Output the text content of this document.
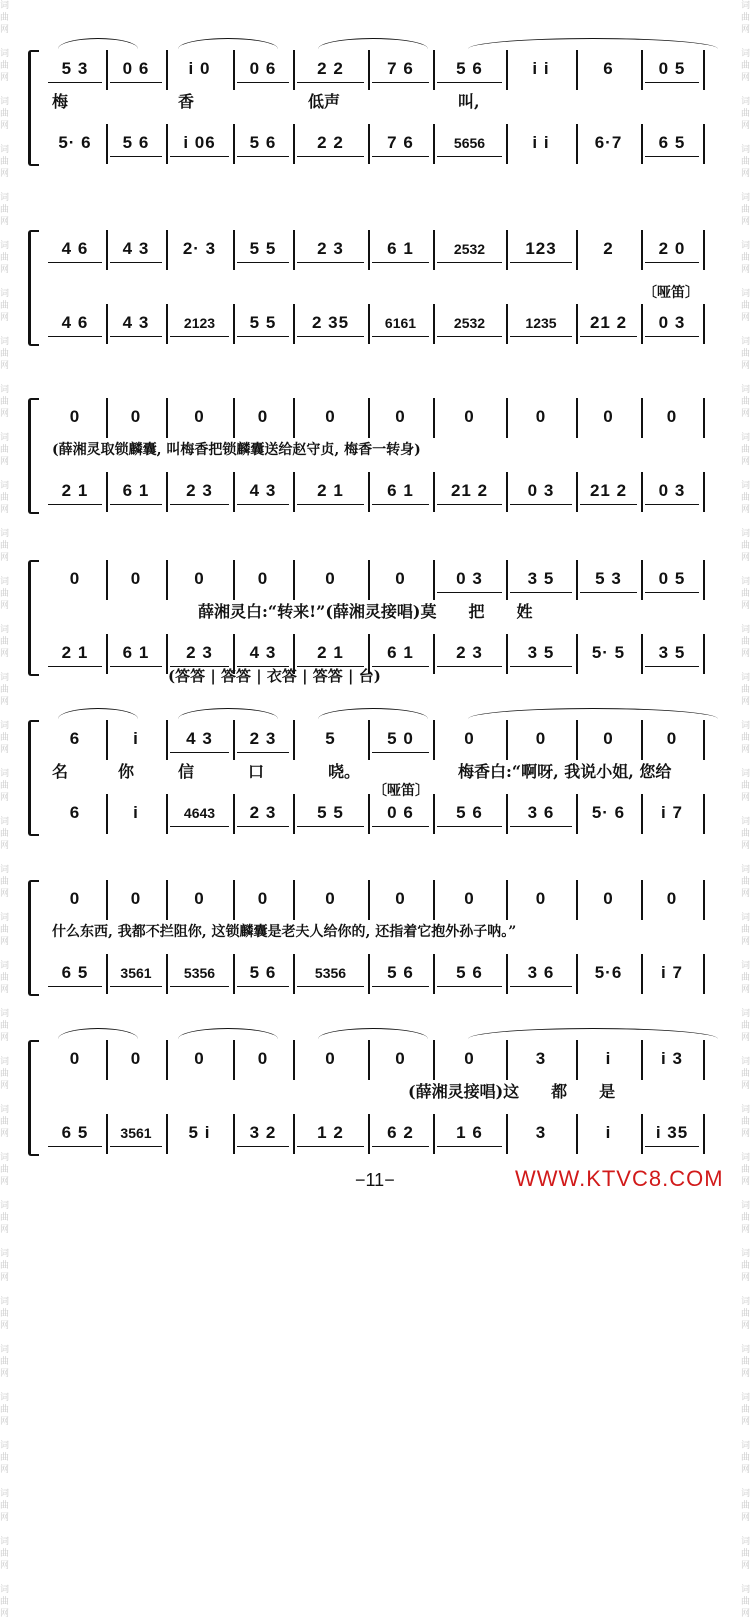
词
曲
网

词
曲
网

词
曲
网

词
曲
网

词
曲
网

词
曲
网

词
曲
网

词
曲
网

词
曲
网

词
曲
网

词
曲
网

词
曲
网

词
曲
网

词
曲
网

词
曲
网

词
曲
网

词
曲
网

词
曲
网

词
曲
网

词
曲
网

词
曲
网

词
曲
网

词
曲
网

词
曲
网

词
曲
网

词
曲
网

词
曲
网

词
曲
网

词
曲
网

词
曲
网

词
曲
网

词
曲
网

词
曲
网

词
曲
网

词
曲
网

词
曲
网

词
曲
网

词
曲
网

词
曲
网

词
曲
网

词
曲
网

词
曲
网

词
曲
网

词
曲
网

词
曲
网

词
曲
网

词
曲
网

词
曲
网

词
曲
网

词
曲
网

词
曲
网

词
曲
网

词
曲
网

词
曲
网

词
曲
网

词
曲
网

词
曲
网

词
曲
网

词
曲
网

词
曲
网

词
曲
网

词
曲
网

词
曲
网

词
曲
网

词
曲
网

词
曲
网

词
曲
网

词
曲
网

5 3	0 6	i 0	0 6	2 2	7 6	5 6	i i	6	0 5
5· 6	5 6	i 06	5 6	2 2	7 6	5656	i i	6·7	6 5
梅	香	低声	叫,
4 6	4 3	2· 3	5 5	2 3	6 1	2532	123	2	2 0
4 6	4 3	2123	5 5	2 35	6161	2532	1235	21 2	0 3
〔哑笛〕
0	0	0	0	0	0	0	0	0	0
2 1	6 1	2 3	4 3	2 1	6 1	21 2	0 3	21 2	0 3
(薛湘灵取锁麟囊, 叫梅香把锁麟囊送给赵守贞, 梅香一转身)
0	0	0	0	0	0	0 3	3 5	5 3	0 5
2 1	6 1	2 3	4 3	2 1	6 1	2 3	3 5	5· 5	3 5
薛湘灵白:“转来!”(薛湘灵接唱)莫　　把　　姓
(答答 | 答答 | 衣答 | 答答 | 台)
6	i	4 3	2 3	5	5 0	0	0	0	0
6	i	4643	2 3	5 5	0 6	5 6	3 6	5· 6	i 7
名	你	信	口	哓。	梅香白:“啊呀, 我说小姐, 您给
〔哑笛〕
0	0	0	0	0	0	0	0	0	0
6 5	3561	5356	5 6	5356	5 6	5 6	3 6	5·6	i 7
什么东西, 我都不拦阻你, 这锁麟囊是老夫人给你的, 还指着它抱外孙子呐。”
0	0	0	0	0	0	0	3	i	i 3
6 5	3561	5 i	3 2	1 2	6 2	1 6	3	i	i 35
(薛湘灵接唱)这　　都　　是
−11−	WWW.KTVC8.COM
